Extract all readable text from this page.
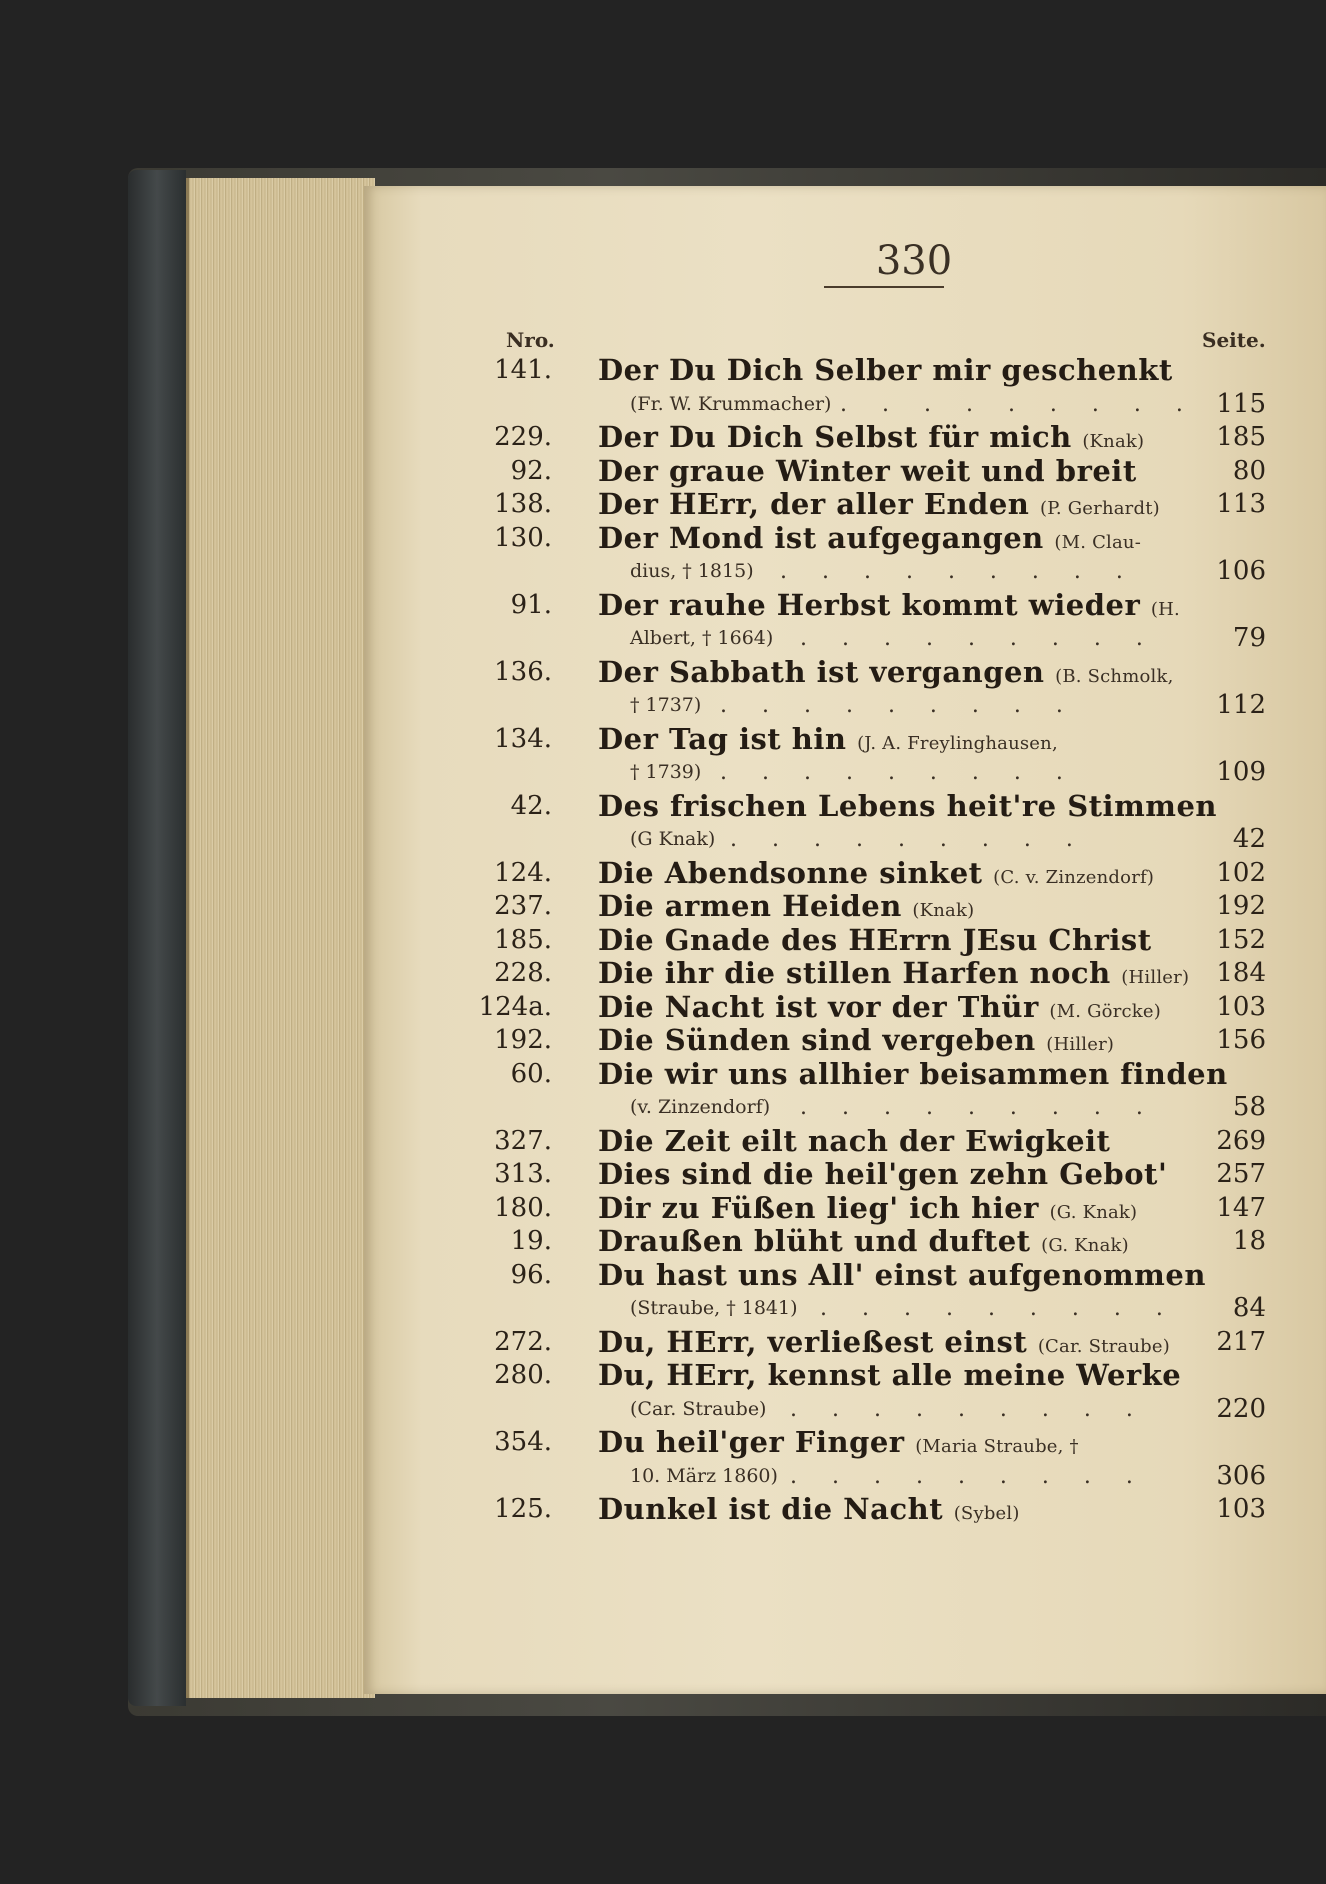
330
Nro.	Seite.
141. Der Du Dich Selber mir geschenkt
(Fr. W. Krummacher) . . . . . . . . . 115
229. Der Du Dich Selbst für mich (Knak)	185
92. Der graue Winter weit und breit	80
138. Der HErr, der aller Enden (P. Gerhardt)	113
130. Der Mond ist aufgegangen (M. Clau-
dius, † 1815) . . . . . . . . .	106
91. Der rauhe Herbst kommt wieder (H.
Albert, † 1664) . . . . . . . . .	79
136. Der Sabbath ist vergangen (B. Schmolk,
† 1737) . . . . . . . . .	112
134. Der Tag ist hin (J. A. Freylinghausen,
† 1739) . . . . . . . . .	109
42. Des frischen Lebens heit're Stimmen
(G Knak) . . . . . . . . .	42
124. Die Abendsonne sinket (C. v. Zinzendorf)	102
237. Die armen Heiden (Knak)	192
185. Die Gnade des HErrn JEsu Christ	152
228. Die ihr die stillen Harfen noch (Hiller)	184
124a. Die Nacht ist vor der Thür (M. Görcke)	103
192. Die Sünden sind vergeben (Hiller)	156
60. Die wir uns allhier beisammen finden
(v. Zinzendorf) . . . . . . . . .	58
327. Die Zeit eilt nach der Ewigkeit	269
313. Dies sind die heil'gen zehn Gebot'	257
180. Dir zu Füßen lieg' ich hier (G. Knak)	147
19. Draußen blüht und duftet (G. Knak)	18
96. Du hast uns All' einst aufgenommen
(Straube, † 1841) . . . . . . . . .	84
272. Du, HErr, verließest einst (Car. Straube)	217
280. Du, HErr, kennst alle meine Werke
(Car. Straube) . . . . . . . . .	220
354. Du heil'ger Finger (Maria Straube, †
10. März 1860) . . . . . . . . .	306
125. Dunkel ist die Nacht (Sybel)	103
